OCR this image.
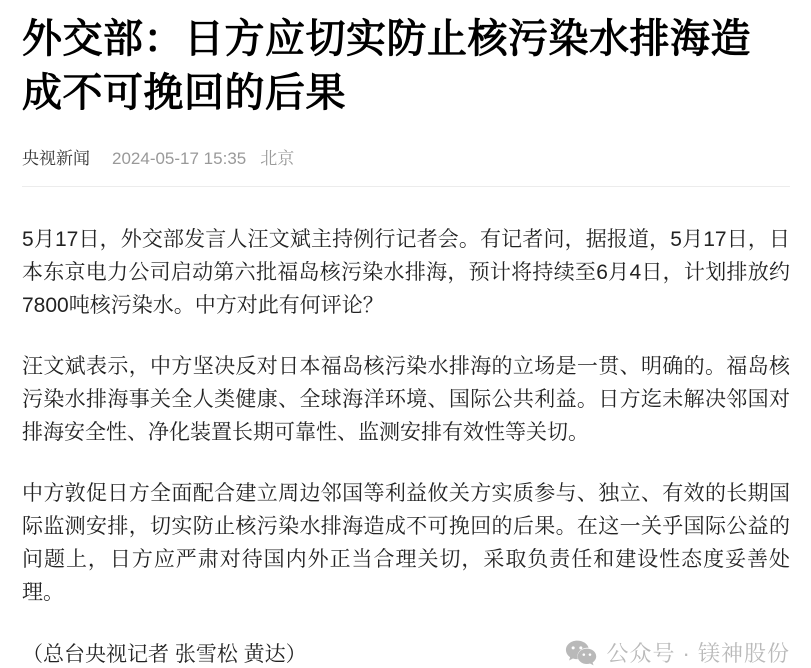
外交部：日方应切实防止核污染水排海造成不可挽回的后果
央视新闻 2024-05-17 15:35 北京

5月17日，外交部发言人汪文斌主持例行记者会。有记者问，据报道，5月17日，日本东京电力公司启动第六批福岛核污染水排海，预计将持续至6月4日，计划排放约7800吨核污染水。中方对此有何评论？

汪文斌表示，中方坚决反对日本福岛核污染水排海的立场是一贯、明确的。福岛核污染水排海事关全人类健康、全球海洋环境、国际公共利益。日方迄未解决邻国对排海安全性、净化装置长期可靠性、监测安排有效性等关切。

中方敦促日方全面配合建立周边邻国等利益攸关方实质参与、独立、有效的长期国际监测安排，切实防止核污染水排海造成不可挽回的后果。在这一关乎国际公益的问题上，日方应严肃对待国内外正当合理关切，采取负责任和建设性态度妥善处理。

（总台央视记者 张雪松 黄达）	公众号 · 镁神股份
